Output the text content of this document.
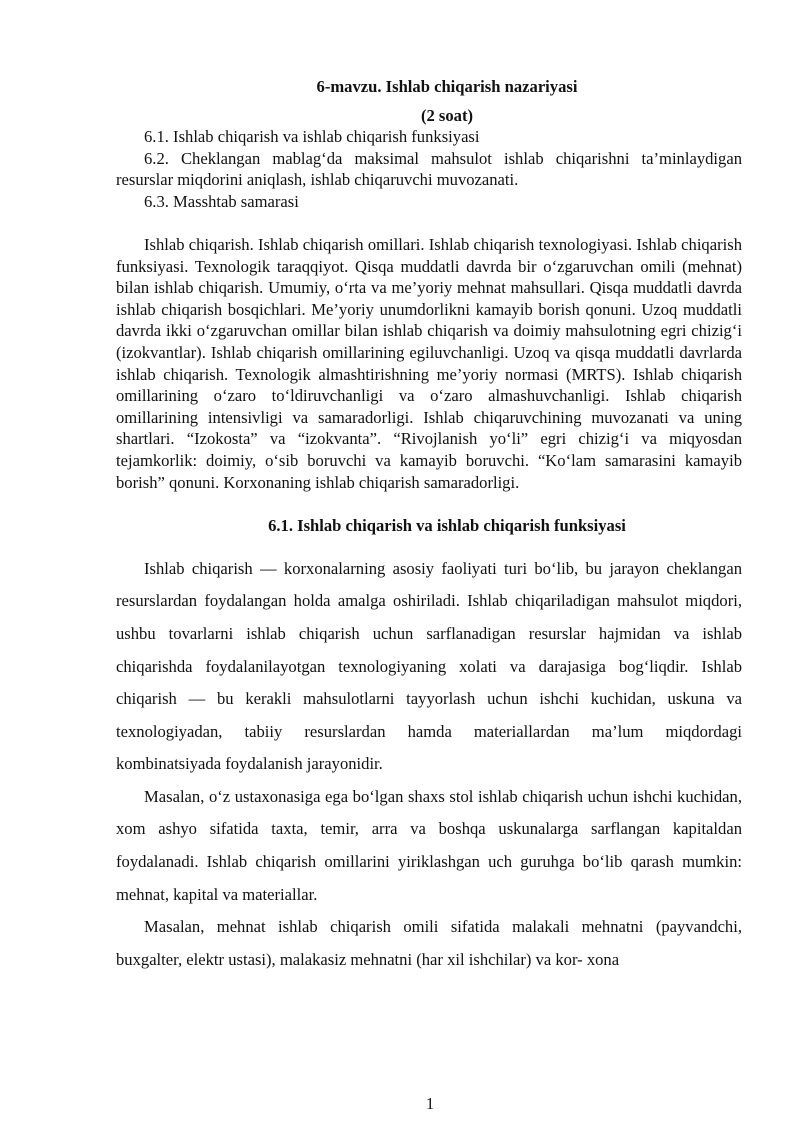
6-mavzu. Ishlab chiqarish nazariyasi

(2 soat)

6.1. Ishlab chiqarish va ishlab chiqarish funksiyasi
6.2. Cheklangan mablag‘da maksimal mahsulot ishlab chiqarishni ta’minlaydigan resurslar miqdorini aniqlash, ishlab chiqaruvchi muvozanati.
6.3. Masshtab samarasi

Ishlab chiqarish. Ishlab chiqarish omillari. Ishlab chiqarish texnologiyasi. Ishlab chiqarish funksiyasi. Texnologik taraqqiyot. Qisqa muddatli davrda bir o‘zgaruvchan omili (mehnat) bilan ishlab chiqarish. Umumiy, o‘rta va me’yoriy mehnat mahsullari. Qisqa muddatli davrda ishlab chiqarish bosqichlari. Me’yoriy unumdorlikni kamayib borish qonuni. Uzoq muddatli davrda ikki o‘zgaruvchan omillar bilan ishlab chiqarish va doimiy mahsulotning egri chizig‘i (izokvantlar). Ishlab chiqarish omillarining egiluvchanligi. Uzoq va qisqa muddatli davrlarda ishlab chiqarish. Texnologik almashtirishning me’yoriy normasi (MRTS). Ishlab chiqarish omillarining o‘zaro to‘ldiruvchanligi va o‘zaro almashuvchanligi. Ishlab chiqarish omillarining intensivligi va samaradorligi. Ishlab chiqaruvchining muvozanati va uning shartlari. “Izokosta” va “izokvanta”. “Rivojlanish yo‘li” egri chizig‘i va miqyosdan tejamkorlik: doimiy, o‘sib boruvchi va kamayib boruvchi. “Ko‘lam samarasini kamayib borish” qonuni. Korxonaning ishlab chiqarish samaradorligi.

6.1. Ishlab chiqarish va ishlab chiqarish funksiyasi

Ishlab chiqarish — korxonalarning asosiy faoliyati turi bo‘lib, bu jarayon cheklangan resurslardan foydalangan holda amalga oshiriladi. Ishlab chiqariladigan mahsulot miqdori, ushbu tovarlarni ishlab chiqarish uchun sarflanadigan resurslar hajmidan va ishlab chiqarishda foydalanilayotgan texnologiyaning xolati va darajasiga bog‘liqdir. Ishlab chiqarish — bu kerakli mahsulotlarni tayyorlash uchun ishchi kuchidan, uskuna va texnologiyadan, tabiiy resurslardan hamda materiallardan ma’lum miqdordagi kombinatsiyada foydalanish jarayonidir.

Masalan, o‘z ustaxonasiga ega bo‘lgan shaxs stol ishlab chiqarish uchun ishchi kuchidan, xom ashyo sifatida taxta, temir, arra va boshqa uskunalarga sarflangan kapitaldan foydalanadi. Ishlab chiqarish omillarini yiriklashgan uch guruhga bo‘lib qarash mumkin: mehnat, kapital va materiallar.

Masalan, mehnat ishlab chiqarish omili sifatida malakali mehnatni (payvandchi, buxgalter, elektr ustasi), malakasiz mehnatni (har xil ishchilar) va kor- xona

1
